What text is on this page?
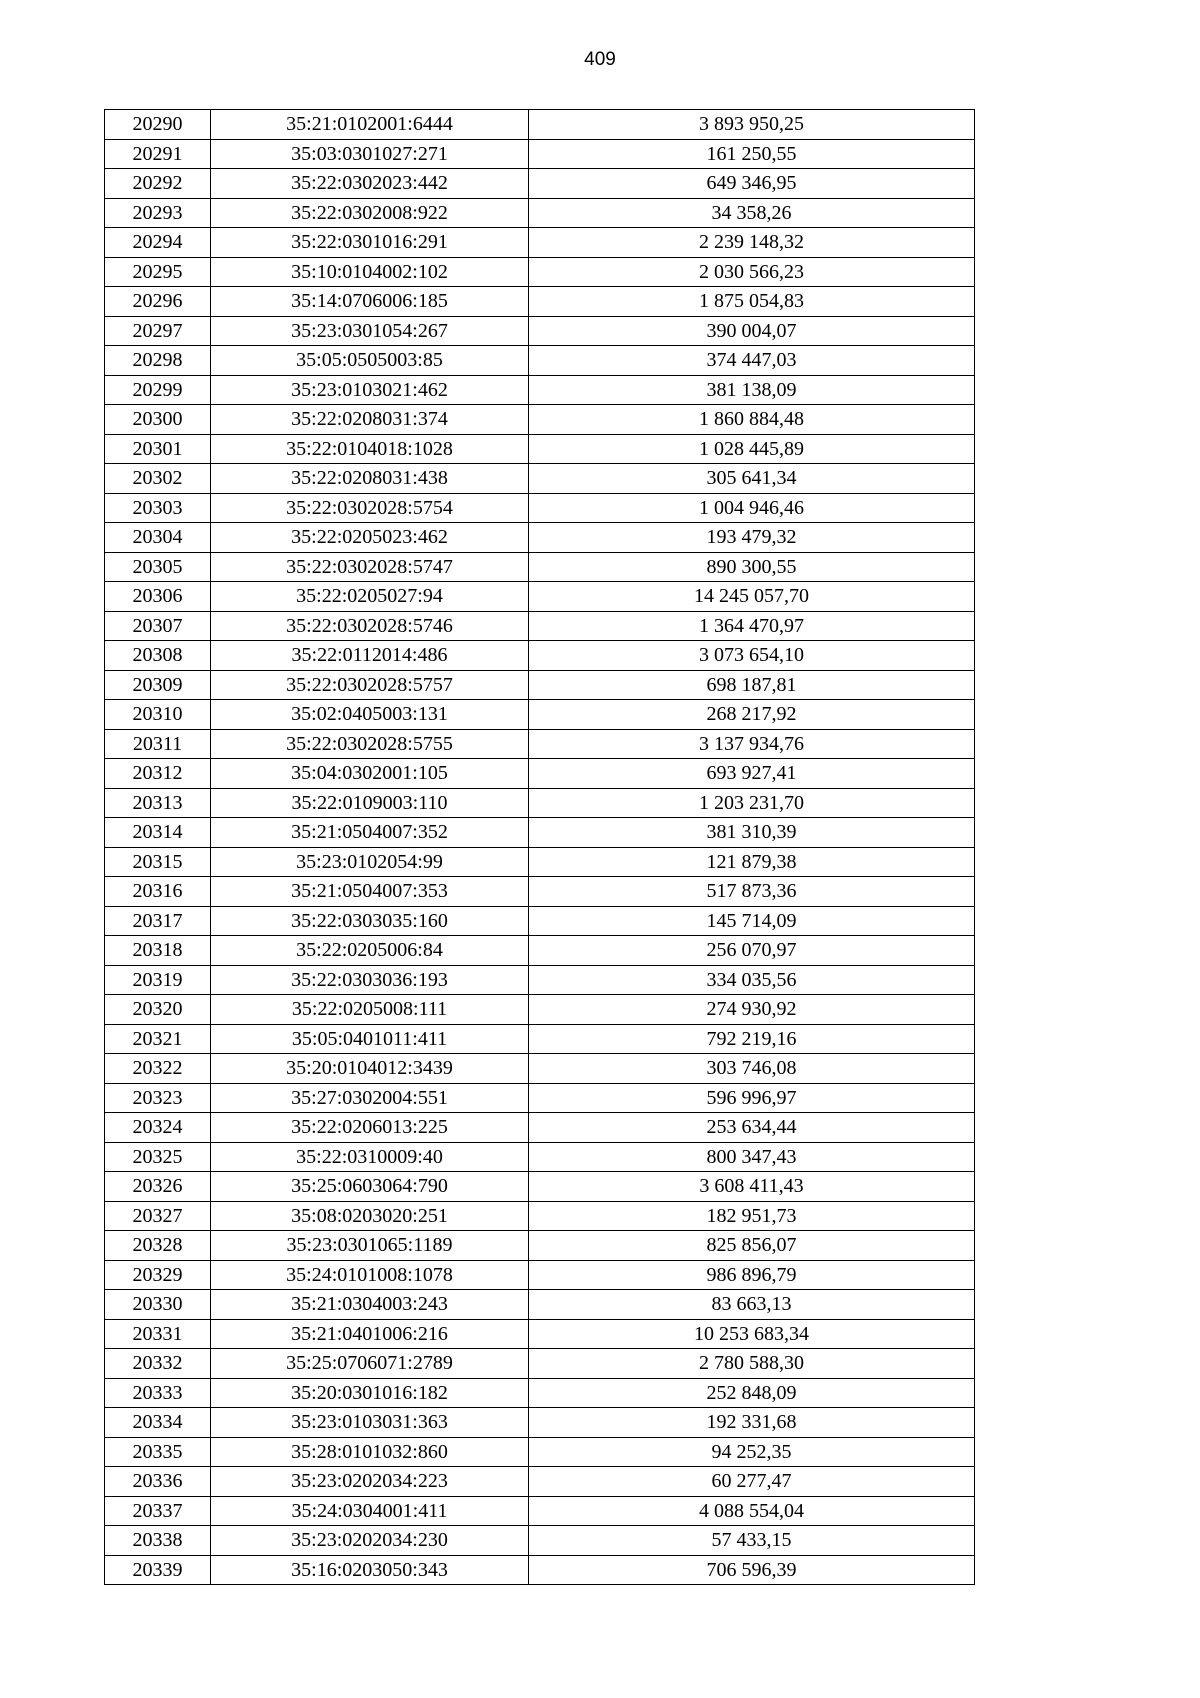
409
20290	35:21:0102001:6444	3 893 950,25
20291	35:03:0301027:271	161 250,55
20292	35:22:0302023:442	649 346,95
20293	35:22:0302008:922	34 358,26
20294	35:22:0301016:291	2 239 148,32
20295	35:10:0104002:102	2 030 566,23
20296	35:14:0706006:185	1 875 054,83
20297	35:23:0301054:267	390 004,07
20298	35:05:0505003:85	374 447,03
20299	35:23:0103021:462	381 138,09
20300	35:22:0208031:374	1 860 884,48
20301	35:22:0104018:1028	1 028 445,89
20302	35:22:0208031:438	305 641,34
20303	35:22:0302028:5754	1 004 946,46
20304	35:22:0205023:462	193 479,32
20305	35:22:0302028:5747	890 300,55
20306	35:22:0205027:94	14 245 057,70
20307	35:22:0302028:5746	1 364 470,97
20308	35:22:0112014:486	3 073 654,10
20309	35:22:0302028:5757	698 187,81
20310	35:02:0405003:131	268 217,92
20311	35:22:0302028:5755	3 137 934,76
20312	35:04:0302001:105	693 927,41
20313	35:22:0109003:110	1 203 231,70
20314	35:21:0504007:352	381 310,39
20315	35:23:0102054:99	121 879,38
20316	35:21:0504007:353	517 873,36
20317	35:22:0303035:160	145 714,09
20318	35:22:0205006:84	256 070,97
20319	35:22:0303036:193	334 035,56
20320	35:22:0205008:111	274 930,92
20321	35:05:0401011:411	792 219,16
20322	35:20:0104012:3439	303 746,08
20323	35:27:0302004:551	596 996,97
20324	35:22:0206013:225	253 634,44
20325	35:22:0310009:40	800 347,43
20326	35:25:0603064:790	3 608 411,43
20327	35:08:0203020:251	182 951,73
20328	35:23:0301065:1189	825 856,07
20329	35:24:0101008:1078	986 896,79
20330	35:21:0304003:243	83 663,13
20331	35:21:0401006:216	10 253 683,34
20332	35:25:0706071:2789	2 780 588,30
20333	35:20:0301016:182	252 848,09
20334	35:23:0103031:363	192 331,68
20335	35:28:0101032:860	94 252,35
20336	35:23:0202034:223	60 277,47
20337	35:24:0304001:411	4 088 554,04
20338	35:23:0202034:230	57 433,15
20339	35:16:0203050:343	706 596,39
